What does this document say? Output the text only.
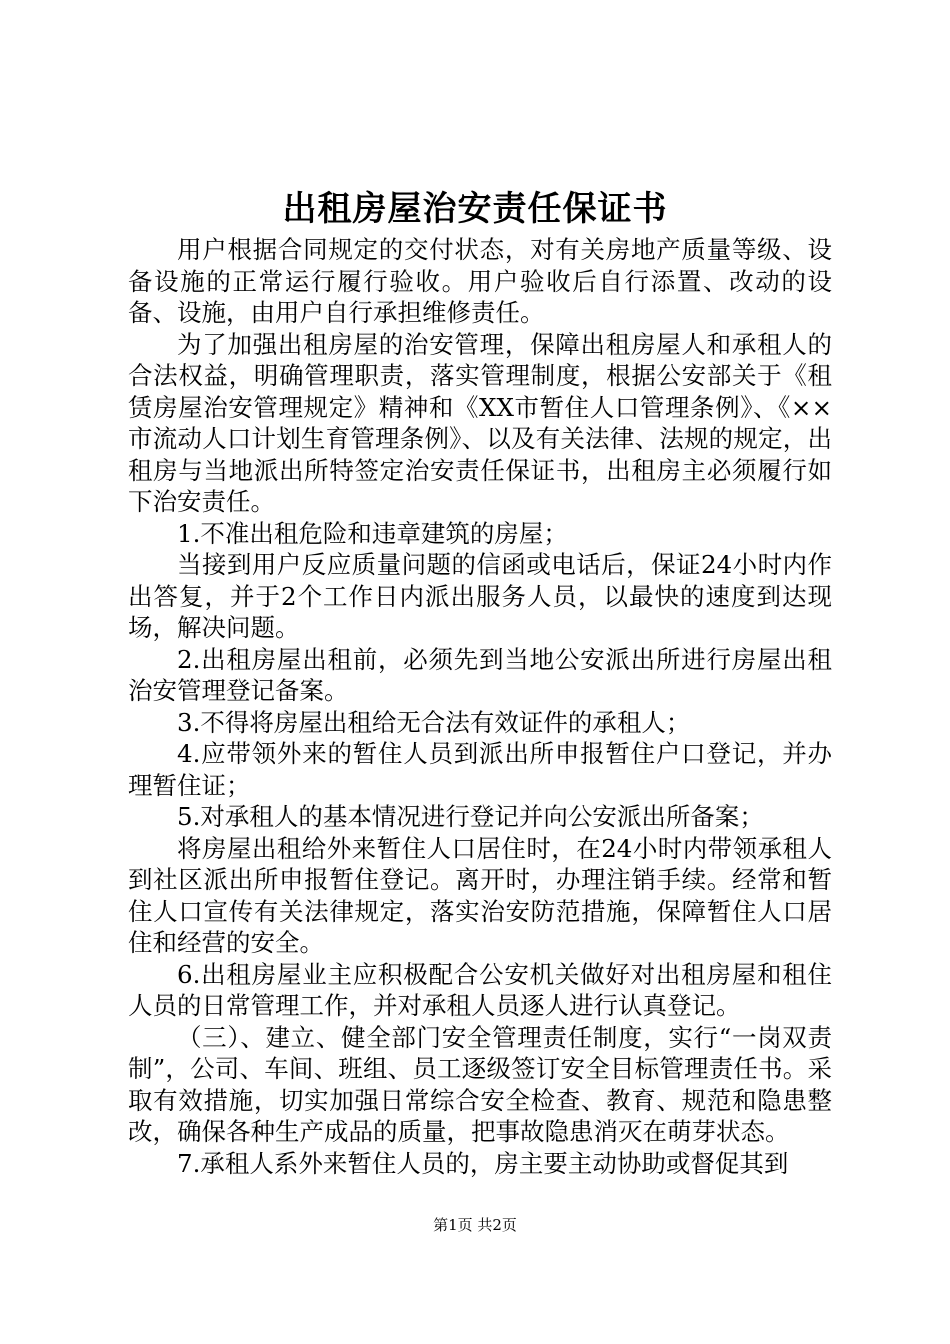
出租房屋治安责任保证书

用户根据合同规定的交付状态，对有关房地产质量等级、设备设施的正常运行履行验收。用户验收后自行添置、改动的设备、设施，由用户自行承担维修责任。

为了加强出租房屋的治安管理，保障出租房屋人和承租人的合法权益，明确管理职责，落实管理制度，根据公安部关于《租赁房屋治安管理规定》精神和《XX市暂住人口管理条例》、《××市流动人口计划生育管理条例》、以及有关法律、法规的规定，出租房与当地派出所特签定治安责任保证书，出租房主必须履行如下治安责任。

1.不准出租危险和违章建筑的房屋；

当接到用户反应质量问题的信函或电话后，保证24小时内作出答复，并于2个工作日内派出服务人员，以最快的速度到达现场，解决问题。

2.出租房屋出租前，必须先到当地公安派出所进行房屋出租治安管理登记备案。

3.不得将房屋出租给无合法有效证件的承租人；

4.应带领外来的暂住人员到派出所申报暂住户口登记，并办理暂住证；

5.对承租人的基本情况进行登记并向公安派出所备案；

将房屋出租给外来暂住人口居住时，在24小时内带领承租人到社区派出所申报暂住登记。离开时，办理注销手续。经常和暂住人口宣传有关法律规定，落实治安防范措施，保障暂住人口居住和经营的安全。

6.出租房屋业主应积极配合公安机关做好对出租房屋和租住人员的日常管理工作，并对承租人员逐人进行认真登记。

（三）、建立、健全部门安全管理责任制度，实行“一岗双责制”，公司、车间、班组、员工逐级签订安全目标管理责任书。采取有效措施，切实加强日常综合安全检查、教育、规范和隐患整改，确保各种生产成品的质量，把事故隐患消灭在萌芽状态。

7.承租人系外来暂住人员的，房主要主动协助或督促其到

第1页 共2页
